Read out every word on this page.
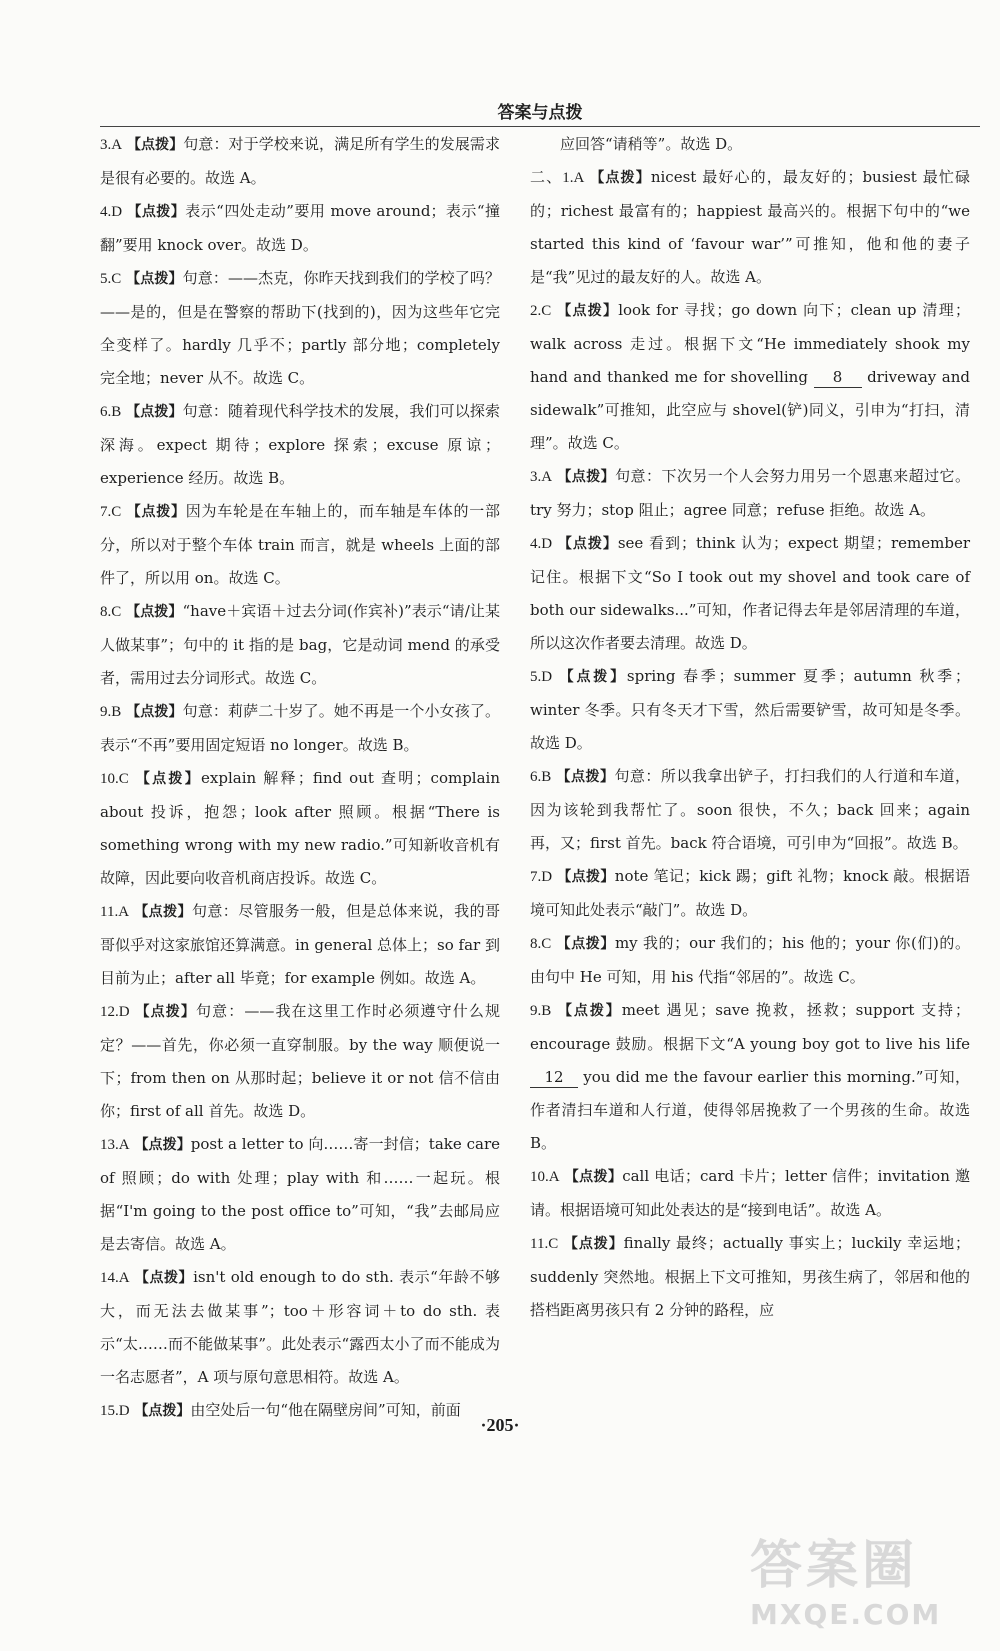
答案与点拨

3.A 【点拨】句意：对于学校来说，满足所有学生的发展需求是很有必要的。故选 A。

4.D 【点拨】表示“四处走动”要用 move around；表示“撞翻”要用 knock over。故选 D。

5.C 【点拨】句意：——杰克，你昨天找到我们的学校了吗？——是的，但是在警察的帮助下(找到的)，因为这些年它完全变样了。hardly 几乎不；partly 部分地；completely 完全地；never 从不。故选 C。

6.B 【点拨】句意：随着现代科学技术的发展，我们可以探索深海。expect 期待；explore 探索；excuse 原谅；experience 经历。故选 B。

7.C 【点拨】因为车轮是在车轴上的，而车轴是车体的一部分，所以对于整个车体 train 而言，就是 wheels 上面的部件了，所以用 on。故选 C。

8.C 【点拨】“have＋宾语＋过去分词(作宾补)”表示“请/让某人做某事”；句中的 it 指的是 bag，它是动词 mend 的承受者，需用过去分词形式。故选 C。

9.B 【点拨】句意：莉萨二十岁了。她不再是一个小女孩了。表示“不再”要用固定短语 no longer。故选 B。

10.C 【点拨】explain 解释；find out 查明；complain about 投诉，抱怨；look after 照顾。根据“There is something wrong with my new radio.”可知新收音机有故障，因此要向收音机商店投诉。故选 C。

11.A 【点拨】句意：尽管服务一般，但是总体来说，我的哥哥似乎对这家旅馆还算满意。in general 总体上；so far 到目前为止；after all 毕竟；for example 例如。故选 A。

12.D 【点拨】句意：——我在这里工作时必须遵守什么规定？——首先，你必须一直穿制服。by the way 顺便说一下；from then on 从那时起；believe it or not 信不信由你；first of all 首先。故选 D。

13.A 【点拨】post a letter to 向……寄一封信；take care of 照顾；do with 处理；play with 和……一起玩。根据“I'm going to the post office to”可知，“我”去邮局应是去寄信。故选 A。

14.A 【点拨】isn't old enough to do sth. 表示“年龄不够大，而无法去做某事”；too＋形容词＋to do sth. 表示“太……而不能做某事”。此处表示“露西太小了而不能成为一名志愿者”，A 项与原句意思相符。故选 A。

15.D 【点拨】由空处后一句“他在隔壁房间”可知，前面

应回答“请稍等”。故选 D。

二、1.A 【点拨】nicest 最好心的，最友好的；busiest 最忙碌的；richest 最富有的；happiest 最高兴的。根据下句中的“we started this kind of ‘favour war’”可推知，他和他的妻子是“我”见过的最友好的人。故选 A。

2.C 【点拨】look for 寻找；go down 向下；clean up 清理；walk across 走过。根据下文“He immediately shook my hand and thanked me for shovelling 8 driveway and sidewalk”可推知，此空应与 shovel(铲)同义，引申为“打扫，清理”。故选 C。

3.A 【点拨】句意：下次另一个人会努力用另一个恩惠来超过它。try 努力；stop 阻止；agree 同意；refuse 拒绝。故选 A。

4.D 【点拨】see 看到；think 认为；expect 期望；remember 记住。根据下文“So I took out my shovel and took care of both our sidewalks...”可知，作者记得去年是邻居清理的车道，所以这次作者要去清理。故选 D。

5.D 【点拨】spring 春季；summer 夏季；autumn 秋季；winter 冬季。只有冬天才下雪，然后需要铲雪，故可知是冬季。故选 D。

6.B 【点拨】句意：所以我拿出铲子，打扫我们的人行道和车道，因为该轮到我帮忙了。soon 很快，不久；back 回来；again 再，又；first 首先。back 符合语境，可引申为“回报”。故选 B。

7.D 【点拨】note 笔记；kick 踢；gift 礼物；knock 敲。根据语境可知此处表示“敲门”。故选 D。

8.C 【点拨】my 我的；our 我们的；his 他的；your 你(们)的。由句中 He 可知，用 his 代指“邻居的”。故选 C。

9.B 【点拨】meet 遇见；save 挽救，拯救；support 支持；encourage 鼓励。根据下文“A young boy got to live his life 12 you did me the favour earlier this morning.”可知，作者清扫车道和人行道，使得邻居挽救了一个男孩的生命。故选 B。

10.A 【点拨】call 电话；card 卡片；letter 信件；invitation 邀请。根据语境可知此处表达的是“接到电话”。故选 A。

11.C 【点拨】finally 最终；actually 事实上；luckily 幸运地；suddenly 突然地。根据上下文可推知，男孩生病了，邻居和他的搭档距离男孩只有 2 分钟的路程，应

·205·
答案圈
MXQE.COM
